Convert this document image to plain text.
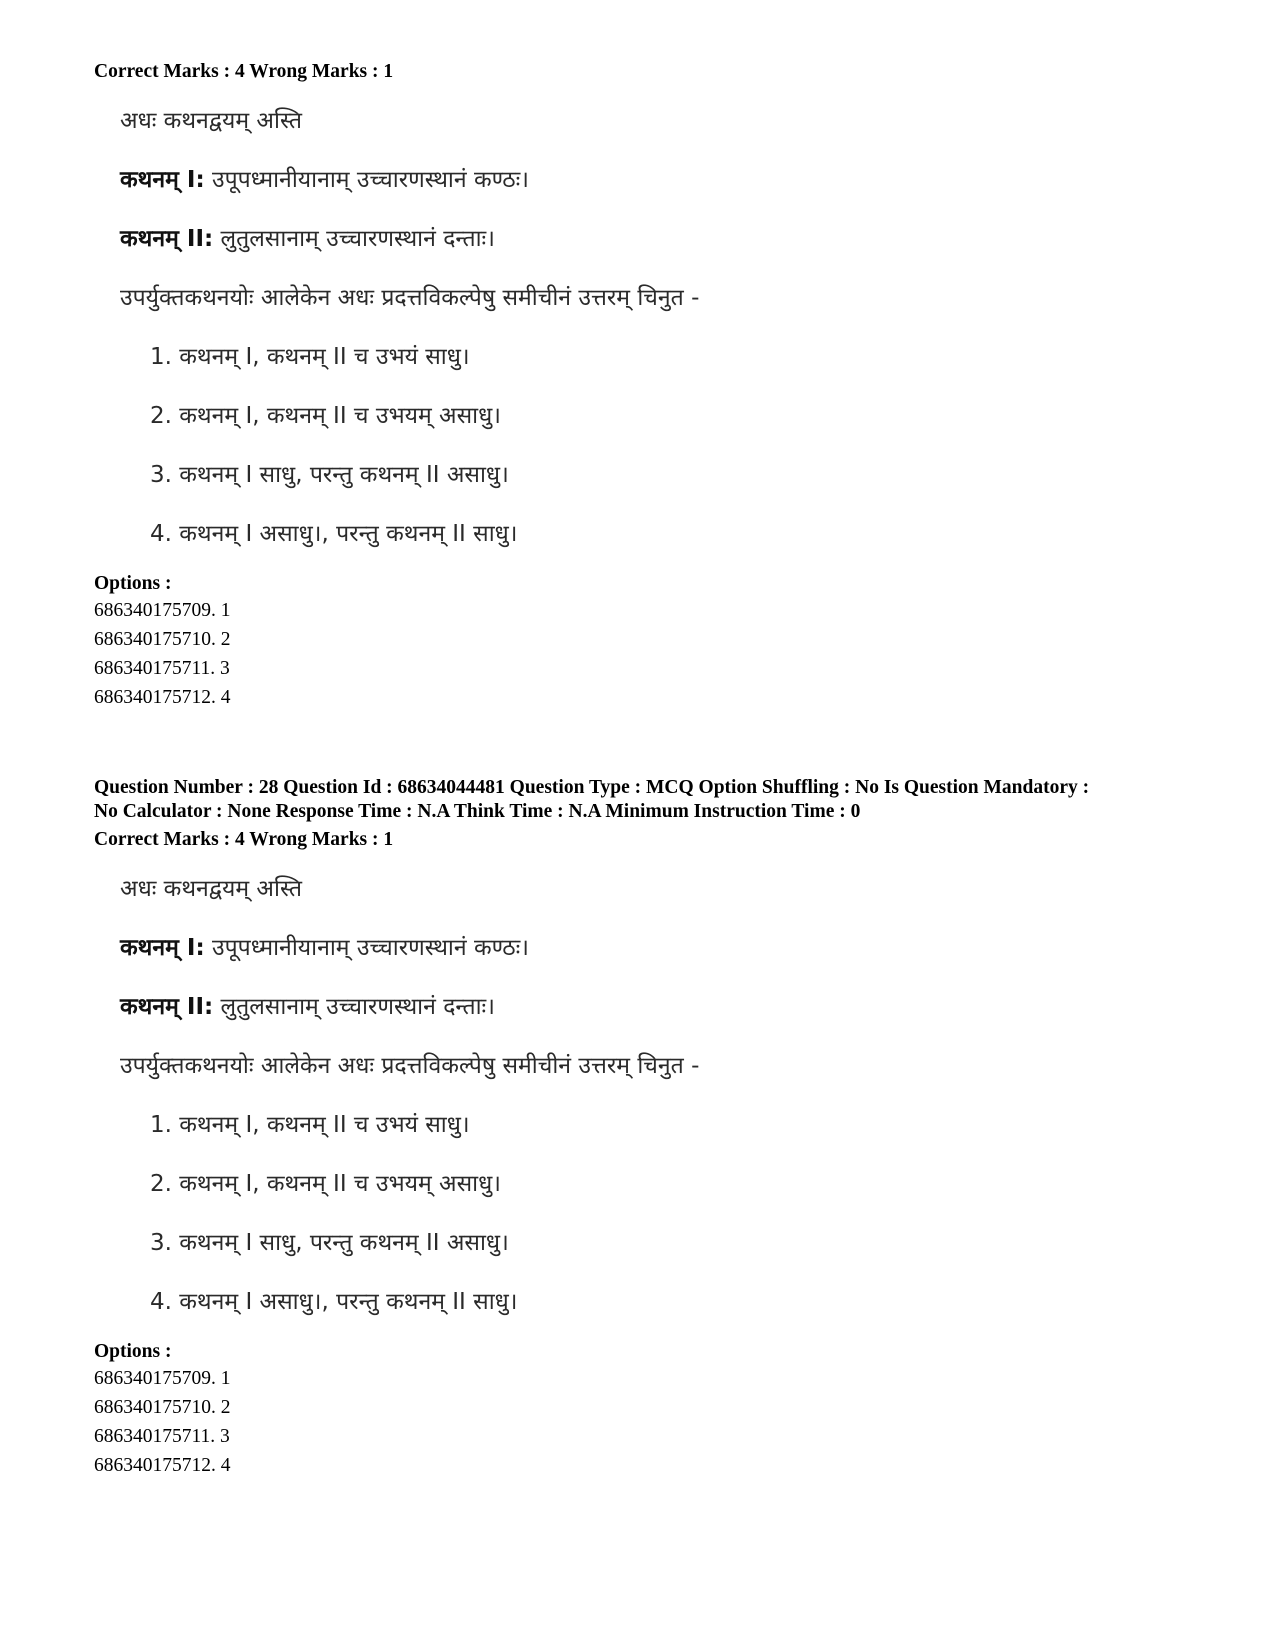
Correct Marks : 4 Wrong Marks : 1
अधः कथनद्वयम् अस्ति
कथनम् I: उपूपध्मानीयानाम् उच्चारणस्थानं कण्ठः।
कथनम् II: लुतुलसानाम् उच्चारणस्थानं दन्ताः।
उपर्युक्तकथनयोः आलेकेन अधः प्रदत्तविकल्पेषु समीचीनं उत्तरम् चिनुत -
1. कथनम् I, कथनम् II च उभयं साधु।
2. कथनम् I, कथनम् II च उभयम् असाधु।
3. कथनम् I साधु, परन्तु कथनम् II असाधु।
4. कथनम् I असाधु।, परन्तु कथनम् II साधु।
Options :
686340175709. 1
686340175710. 2
686340175711. 3
686340175712. 4
Question Number : 28 Question Id : 68634044481 Question Type : MCQ Option Shuffling : No Is Question Mandatory :
No Calculator : None Response Time : N.A Think Time : N.A Minimum Instruction Time : 0
Correct Marks : 4 Wrong Marks : 1
अधः कथनद्वयम् अस्ति
कथनम् I: उपूपध्मानीयानाम् उच्चारणस्थानं कण्ठः।
कथनम् II: लुतुलसानाम् उच्चारणस्थानं दन्ताः।
उपर्युक्तकथनयोः आलेकेन अधः प्रदत्तविकल्पेषु समीचीनं उत्तरम् चिनुत -
1. कथनम् I, कथनम् II च उभयं साधु।
2. कथनम् I, कथनम् II च उभयम् असाधु।
3. कथनम् I साधु, परन्तु कथनम् II असाधु।
4. कथनम् I असाधु।, परन्तु कथनम् II साधु।
Options :
686340175709. 1
686340175710. 2
686340175711. 3
686340175712. 4
